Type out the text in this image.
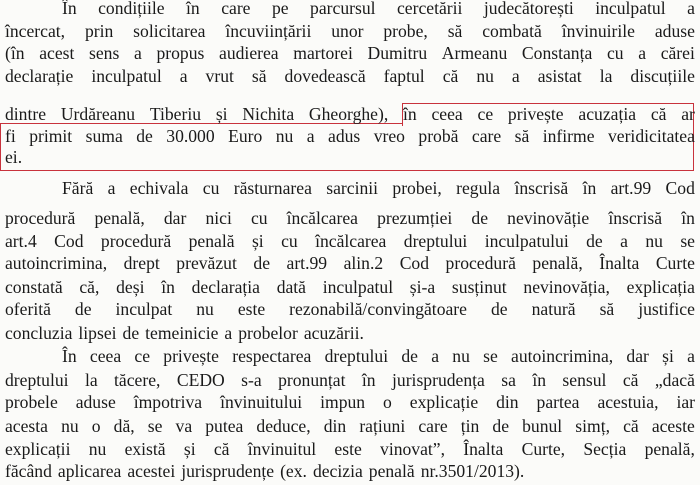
În condițiile în care pe parcursul cercetării judecătorești inculpatul a
încercat, prin solicitarea încuviințării unor probe, să combată învinuirile aduse
(în acest sens a propus audierea martorei Dumitru Armeanu Constanța cu a cărei
declarație inculpatul a vrut să dovedească faptul că nu a asistat la discuțiile
dintre Urdăreanu Tiberiu și Nichita Gheorghe), în ceea ce privește acuzația că ar
fi primit suma de 30.000 Euro nu a adus vreo probă care să infirme veridicitatea
ei.
Fără a echivala cu răsturnarea sarcinii probei, regula înscrisă în art.99 Cod
procedură penală, dar nici cu încălcarea prezumției de nevinovăție înscrisă în
art.4 Cod procedură penală și cu încălcarea dreptului inculpatului de a nu se
autoincrimina, drept prevăzut de art.99 alin.2 Cod procedură penală, Înalta Curte
constată că, deși în declarația dată inculpatul și-a susținut nevinovăția, explicația
oferită de inculpat nu este rezonabilă/convingătoare de natură să justifice
concluzia lipsei de temeinicie a probelor acuzării.
În ceea ce privește respectarea dreptului de a nu se autoincrimina, dar și a
dreptului la tăcere, CEDO s-a pronunțat în jurisprudența sa în sensul că „dacă
probele aduse împotriva învinuitului impun o explicație din partea acestuia, iar
acesta nu o dă, se va putea deduce, din rațiuni care țin de bunul simț, că aceste
explicații nu există și că învinuitul este vinovat”, Înalta Curte, Secția penală,
făcând aplicarea acestei jurisprudențe (ex. decizia penală nr.3501/2013).
